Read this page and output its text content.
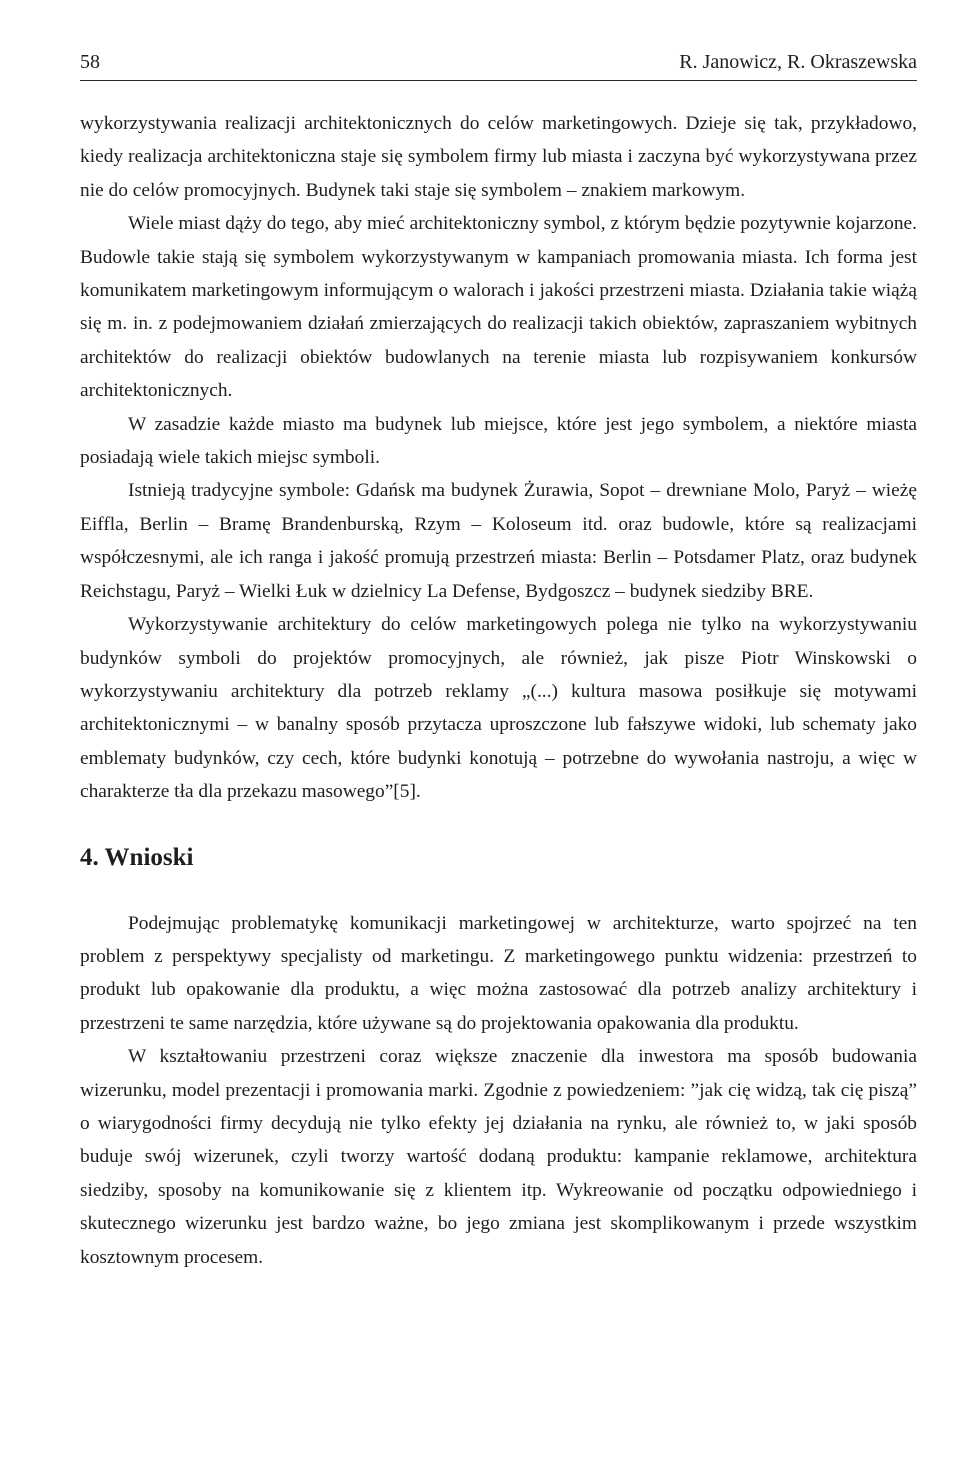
58	R. Janowicz, R. Okraszewska

wykorzystywania realizacji architektonicznych do celów marketingowych. Dzieje się tak, przykładowo, kiedy realizacja architektoniczna staje się symbolem firmy lub miasta i zaczyna być wykorzystywana przez nie do celów promocyjnych. Budynek taki staje się symbolem – znakiem markowym.

Wiele miast dąży do tego, aby mieć architektoniczny symbol, z którym będzie pozytywnie kojarzone. Budowle takie stają się symbolem wykorzystywanym w kampaniach promowania miasta. Ich forma jest komunikatem marketingowym informującym o walorach i jakości przestrzeni miasta. Działania takie wiążą się m. in. z podejmowaniem działań zmierzających do realizacji takich obiektów, zapraszaniem wybitnych architektów do realizacji obiektów budowlanych na terenie miasta lub rozpisywaniem konkursów architektonicznych.

W zasadzie każde miasto ma budynek lub miejsce, które jest jego symbolem, a niektóre miasta posiadają wiele takich miejsc symboli.

Istnieją tradycyjne symbole: Gdańsk ma budynek Żurawia, Sopot – drewniane Molo, Paryż – wieżę Eiffla, Berlin – Bramę Brandenburską, Rzym – Koloseum itd. oraz budowle, które są realizacjami współczesnymi, ale ich ranga i jakość promują przestrzeń miasta: Berlin – Potsdamer Platz, oraz budynek Reichstagu, Paryż – Wielki Łuk w dzielnicy La Defense, Bydgoszcz – budynek siedziby BRE.

Wykorzystywanie architektury do celów marketingowych polega nie tylko na wykorzystywaniu budynków symboli do projektów promocyjnych, ale również, jak pisze Piotr Winskowski o wykorzystywaniu architektury dla potrzeb reklamy „(...) kultura masowa posiłkuje się motywami architektonicznymi – w banalny sposób przytacza uproszczone lub fałszywe widoki, lub schematy jako emblematy budynków, czy cech, które budynki konotują – potrzebne do wywołania nastroju, a więc w charakterze tła dla przekazu masowego”[5].

4. Wnioski

Podejmując problematykę komunikacji marketingowej w architekturze, warto spojrzeć na ten problem z perspektywy specjalisty od marketingu. Z marketingowego punktu widzenia: przestrzeń to produkt lub opakowanie dla produktu, a więc można zastosować dla potrzeb analizy architektury i przestrzeni te same narzędzia, które używane są do projektowania opakowania dla produktu.

W kształtowaniu przestrzeni coraz większe znaczenie dla inwestora ma sposób budowania wizerunku, model prezentacji i promowania marki. Zgodnie z powiedzeniem: ”jak cię widzą, tak cię piszą” o wiarygodności firmy decydują nie tylko efekty jej działania na rynku, ale również to, w jaki sposób buduje swój wizerunek, czyli tworzy wartość dodaną produktu: kampanie reklamowe, architektura siedziby, sposoby na komunikowanie się z klientem itp. Wykreowanie od początku odpowiedniego i skutecznego wizerunku jest bardzo ważne, bo jego zmiana jest skomplikowanym i przede wszystkim kosztownym procesem.
